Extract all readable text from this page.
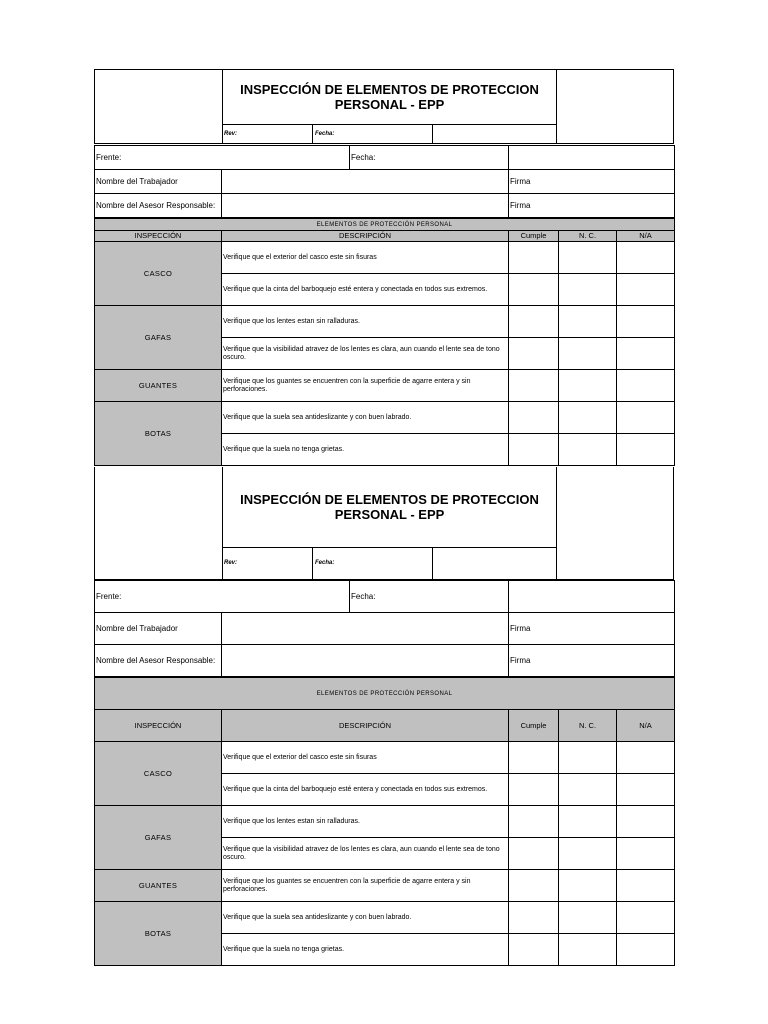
INSPECCIÓN DE ELEMENTOS DE PROTECCION PERSONAL - EPP
Rev:	Fecha:
Frente:		Fecha:	
Nombre del Trabajador			Firma
Nombre del Asesor Responsable:			Firma
ELEMENTOS DE PROTECCIÓN PERSONAL				
INSPECCIÓN	DESCRIPCIÓN	Cumple	N. C.	N/A
CASCO	Verifique que el exterior del casco este sin fisuras			
	Verifique que la cinta del barboquejo esté entera y conectada en todos sus extremos.			
GAFAS	Verifique que los lentes estan sin ralladuras.			
	Verifique que la visibilidad atravez de los lentes es clara, aun cuando el lente sea de tono oscuro.			
GUANTES	Verifique que los guantes se encuentren con la superficie de agarre entera y sin perforaciones.			
BOTAS	Verifique que la suela sea antideslizante y con buen labrado.			
	Verifique que la suela no tenga grietas.			
INSPECCIÓN DE ELEMENTOS DE PROTECCION PERSONAL - EPP
Rev:	Fecha:
Frente:		Fecha:	
Nombre del Trabajador			Firma
Nombre del Asesor Responsable:			Firma
ELEMENTOS DE PROTECCIÓN PERSONAL				
INSPECCIÓN	DESCRIPCIÓN	Cumple	N. C.	N/A
CASCO	Verifique que el exterior del casco este sin fisuras			
	Verifique que la cinta del barboquejo esté entera y conectada en todos sus extremos.			
GAFAS	Verifique que los lentes estan sin ralladuras.			
	Verifique que la visibilidad atravez de los lentes es clara, aun cuando el lente sea de tono oscuro.			
GUANTES	Verifique que los guantes se encuentren con la superficie de agarre entera y sin perforaciones.			
BOTAS	Verifique que la suela sea antideslizante y con buen labrado.			
	Verifique que la suela no tenga grietas.			
